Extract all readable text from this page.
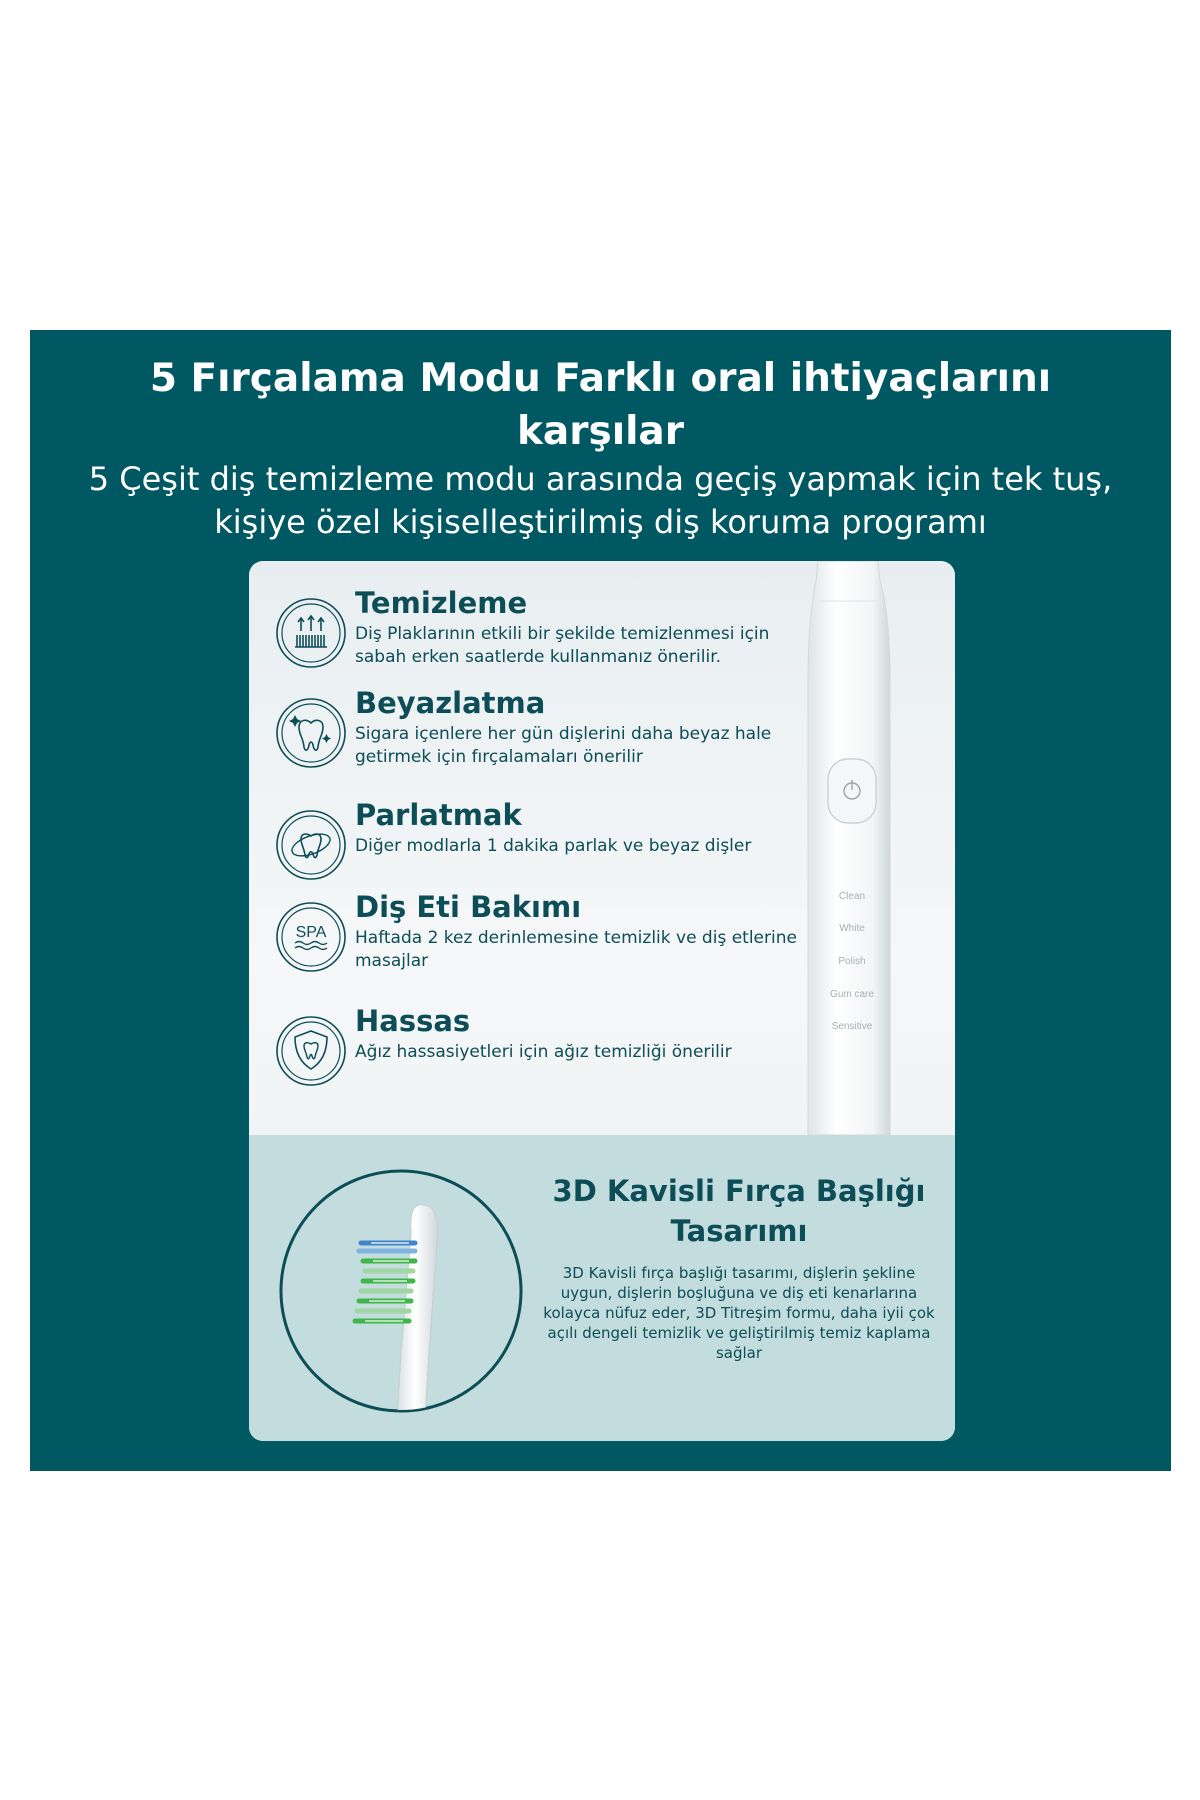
5 Fırçalama Modu Farklı oral ihtiyaçlarını
karşılar
5 Çeşit diş temizleme modu arasında geçiş yapmak için tek tuş,
kişiye özel kişiselleştirilmiş diş koruma programı
Temizleme
Diş Plaklarının etkili bir şekilde temizlenmesi için sabah erken saatlerde kullanmanız önerilir.
Beyazlatma
Sigara içenlere her gün dişlerini daha beyaz hale getirmek için fırçalamaları önerilir
Parlatmak
Diğer modlarla 1 dakika parlak ve beyaz dişler
SPA
Diş Eti Bakımı
Haftada 2 kez derinlemesine temizlik ve diş etlerine masajlar
Hassas
Ağız hassasiyetleri için ağız temizliği önerilir
Clean
White
Polish
Gum care
Sensitive
3D Kavisli Fırça Başlığı
Tasarımı
3D Kavisli fırça başlığı tasarımı, dişlerin şekline uygun, dişlerin boşluğuna ve diş eti kenarlarına kolayca nüfuz eder, 3D Titreşim formu, daha iyii çok açılı dengeli temizlik ve geliştirilmiş temiz kaplama sağlar
